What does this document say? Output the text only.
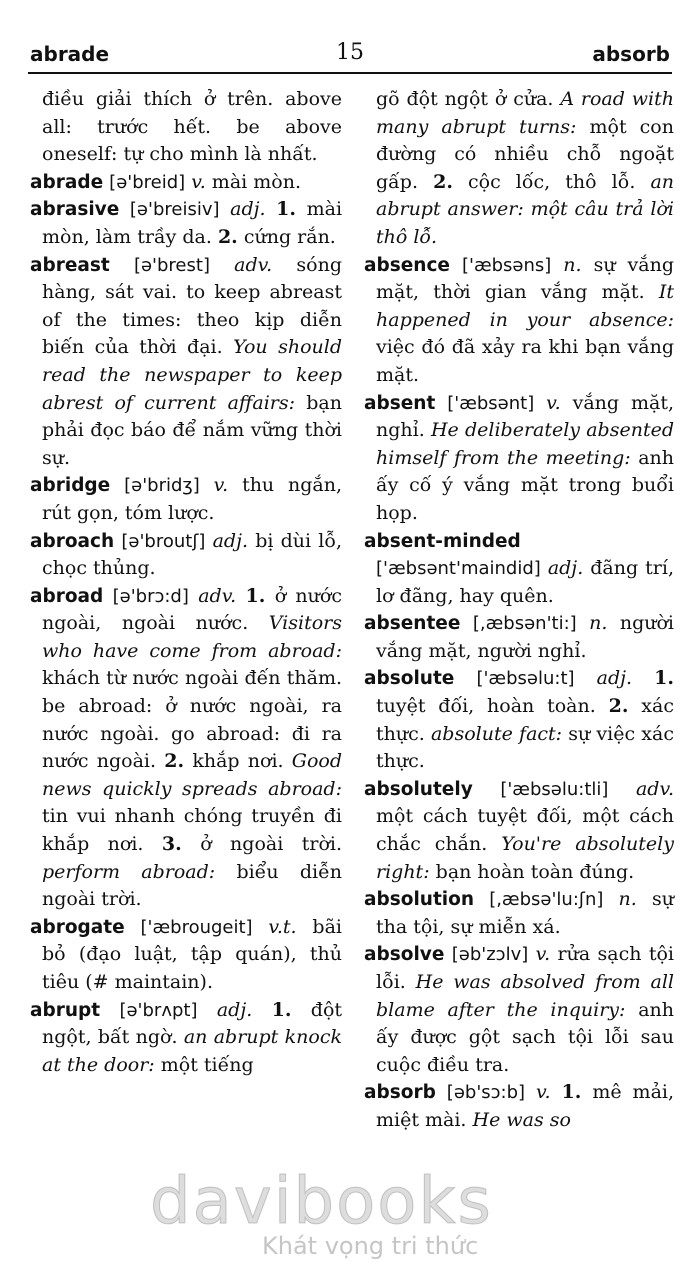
abrade	15	absorb

điều giải thích ở trên. above all: trước hết. be above oneself: tự cho mình là nhất.

abrade [ə'breid] v. mài mòn.

abrasive [ə'breisiv] adj. 1. mài mòn, làm trầy da. 2. cứng rắn.

abreast [ə'brest] adv. sóng hàng, sát vai. to keep abreast of the times: theo kịp diễn biến của thời đại. You should read the newspaper to keep abrest of current affairs: bạn phải đọc báo để nắm vững thời sự.

abridge [ə'bridʒ] v. thu ngắn, rút gọn, tóm lược.

abroach [ə'broutʃ] adj. bị dùi lỗ, chọc thủng.

abroad [ə'brɔ:d] adv. 1. ở nước ngoài, ngoài nước. Visitors who have come from abroad: khách từ nước ngoài đến thăm. be abroad: ở nước ngoài, ra nước ngoài. go abroad: đi ra nước ngoài. 2. khắp nơi. Good news quickly spreads abroad: tin vui nhanh chóng truyền đi khắp nơi. 3. ở ngoài trời. perform abroad: biểu diễn ngoài trời.

abrogate ['æbrougeit] v.t. bãi bỏ (đạo luật, tập quán), thủ tiêu (# maintain).

abrupt [ə'brʌpt] adj. 1. đột ngột, bất ngờ. an abrupt knock at the door: một tiếng

gõ đột ngột ở cửa. A road with many abrupt turns: một con đường có nhiều chỗ ngoặt gấp. 2. cộc lốc, thô lỗ. an abrupt answer: một câu trả lời thô lỗ.

absence ['æbsəns] n. sự vắng mặt, thời gian vắng mặt. It happened in your absence: việc đó đã xảy ra khi bạn vắng mặt.

absent ['æbsənt] v. vắng mặt, nghỉ. He deliberately absented himself from the meeting: anh ấy cố ý vắng mặt trong buổi họp.

absent-minded ['æbsənt'maindid] adj. đãng trí, lơ đãng, hay quên.

absentee [,æbsən'ti:] n. người vắng mặt, người nghỉ.

absolute ['æbsəlu:t] adj. 1. tuyệt đối, hoàn toàn. 2. xác thực. absolute fact: sự việc xác thực.

absolutely ['æbsəlu:tli] adv. một cách tuyệt đối, một cách chắc chắn. You're absolutely right: bạn hoàn toàn đúng.

absolution [,æbsə'lu:ʃn] n. sự tha tội, sự miễn xá.

absolve [əb'zɔlv] v. rửa sạch tội lỗi. He was absolved from all blame after the inquiry: anh ấy được gột sạch tội lỗi sau cuộc điều tra.

absorb [əb'sɔ:b] v. 1. mê mải, miệt mài. He was so

davibooks
Khát vọng tri thức
